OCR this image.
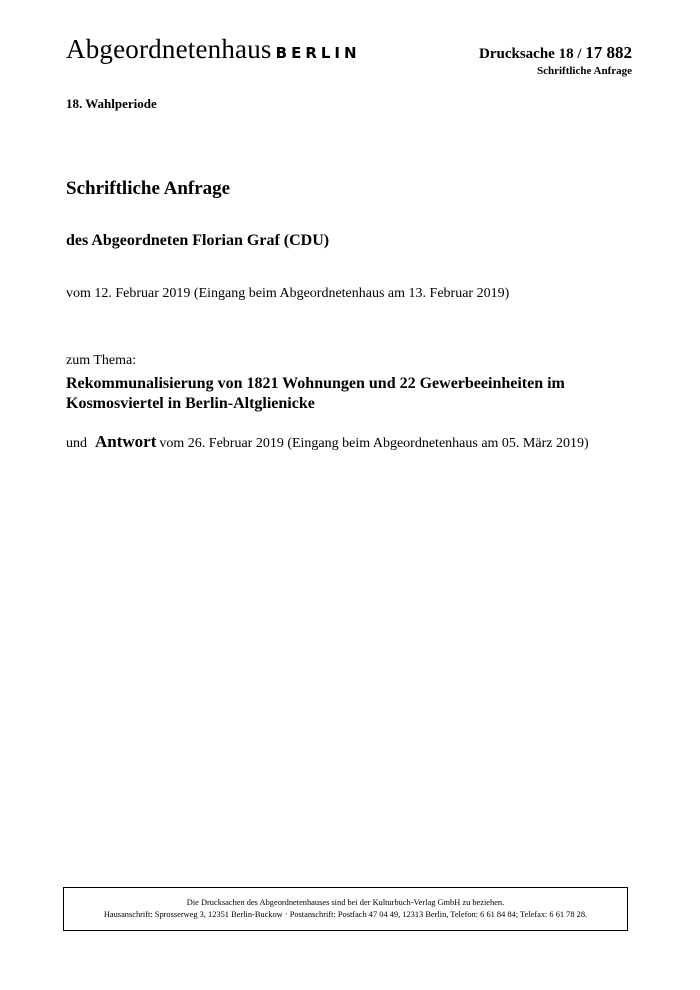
Abgeordnetenhaus BERLIN	Drucksache 18 / 17 882
Schriftliche Anfrage
18. Wahlperiode
Schriftliche Anfrage
des Abgeordneten Florian Graf (CDU)
vom 12. Februar 2019 (Eingang beim Abgeordnetenhaus am 13. Februar 2019)
zum Thema:
Rekommunalisierung von 1821 Wohnungen und 22 Gewerbeeinheiten im Kosmosviertel in Berlin-Altglienicke
und Antwort vom 26. Februar 2019 (Eingang beim Abgeordnetenhaus am 05. März 2019)
Die Drucksachen des Abgeordnetenhauses sind bei der Kulturbuch-Verlag GmbH zu beziehen.
Hausanschrift: Sprosserweg 3, 12351 Berlin-Buckow · Postanschrift: Postfach 47 04 49, 12313 Berlin, Telefon: 6 61 84 84; Telefax: 6 61 78 28.
